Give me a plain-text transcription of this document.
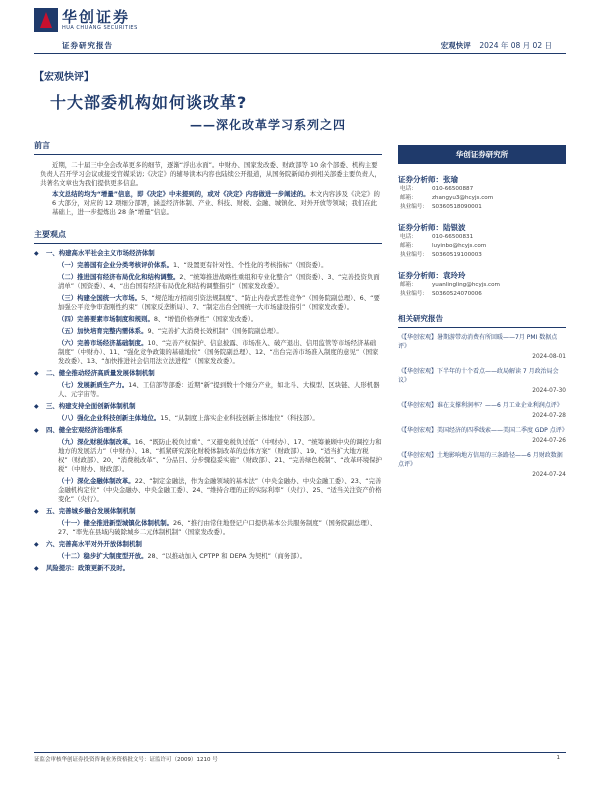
华创证券
HUA CHUANG SECURITIES
证券研究报告	宏观快评 2024 年 08 月 02 日
【宏观快评】
十大部委机构如何谈改革?
——深化改革学习系列之四
前言

近期，二十届三中全会改革更多的细节，逐渐“浮出水面”。中财办、国家发改委、财政部等 10 余个部委、机构主要负责人召开学习会议或接受官媒采访;《决定》的辅导读本内容也陆续公开报道，从国务院新闻办到相关部委主要负责人，共著名文章也为我们提供更多信息。

本文总结的均为“增量”信息，即《决定》中未提到的，或对《决定》内容做进一步阐述的。本文内容涉及《决定》的 6 大部分，对应的 12 项细分部署，涵盖经济体制、产业、科技、财税、金融、城镇化、对外开放等领域；我们在此基础上，进一步提炼出 28 条“增量”信息。

主要观点
◆	一、构建高水平社会主义市场经济体制
（一）完善国有企业分类考核评价体系。1、“设置更有针对性、个性化的考核指标”（国资委）。
（二）推进国有经济布局优化和结构调整。2、“统筹推进战略性重组和专业化整合”（国资委）、3、“完善投资负面清单”（国资委）、4、“出台国有经济布局优化和结构调整指引”（国家发改委）。
（三）构建全国统一大市场。5、“规范地方招商引资法规制度”、“防止内卷式恶性竞争”（国务院副总理）、6、“要加强公平竞争审查刚性约束”（国家反垄断局）、7、“制定出台全国统一大市场建设指引”（国家发改委）。
（四）完善要素市场制度和规则。8、“增值价格弹性”（国家发改委）。
（五）加快培育完整内需体系。9、“完善扩大消费长效机制”（国务院副总理）。
（六）完善市场经济基础制度。10、“完善产权保护、信息披露、市场准入、破产退出、信用监管等市场经济基础制度”（中财办）、11、“强化竞争政策的基础地位”（国务院副总理）、12、“出台完善市场准入制度的意见”（国家发改委）、13、“加快推进社会信用法立法进程”（国家发改委）。
◆	二、健全推动经济高质量发展体制机制
（七）发展新质生产力。14、工信部等部委：近期“新”提到数十个细分产业，如北斗、大模型、区块链、人形机器人、元宇宙等。
◆	三、构建支持全面创新体制机制
（八）强化企业科技创新主体地位。15、“从制度上落实企业科技创新主体地位”（科技部）。
◆	四、健全宏观经济治理体系
（九）深化财税体制改革。16、“既防止税负过重”、“又避免税负过低”（中财办）、17、“统筹兼顾中央的调控力和地方的发展活力”（中财办）、18、“抓紧研究深化财税体制改革的总体方案”（财政部）、19、“适当扩大地方税权”（财政部）、20、“消费税改革”、“分品目、分步骤稳妥实施”（财政部）、21、“完善绿色税制”、“改革环境保护税”（中财办、财政部）。
（十）深化金融体制改革。22、“制定金融法，作为金融领域的基本法”（中央金融办、中央金融工委）、23、“完善金融机构定位”（中央金融办、中央金融工委）、24、“维持合理的正的实际利率”（央行）、25、“适当关注资产价格变化”（央行）。
◆	五、完善城乡融合发展体制机制
（十一）健全推进新型城镇化体制机制。26、“推行由常住地登记户口提供基本公共服务制度”（国务院副总理）、27、“率先在县域内破除城乡二元体制机制”（国家发改委）。
◆	六、完善高水平对外开放体制机制
（十二）稳步扩大制度型开放。28、“以推动加入 CPTPP 和 DEPA 为契机”（商务部）。
◆	风险提示：政策更新不及时。
华创证券研究所
证券分析师：张瑜
电话：	010-66500887
邮箱：	zhangyu3@hcyjs.com
执业编号： S0360518090001
证券分析师：陆银波
电话：	010-66500831
邮箱：	luyinbo@hcyjs.com
执业编号： S0360519100003
证券分析师：袁玲玲
邮箱：	yuanlingling@hcyjs.com
执业编号： S0360524070006
相关研究报告
《【华创宏观】暑期游带动消费有所回暖——7月 PMI 数据点评》
2024-08-01
《【华创宏观】下半年的十个看点——政局解读 7 月政治局会议》
2024-07-30
《【华创宏观】谁在支撑利润率？——6 月工业企业利润点评》
2024-07-28
《【华创宏观】美国经济的四季线索——美国二季度 GDP 点评》
2024-07-26
《【华创宏观】土地影响地方信用的三条路径——6 月财政数据点评》
2024-07-24
证监会审核华创证券投资咨询业务资格批文号：证监许可（2009）1210 号	1
